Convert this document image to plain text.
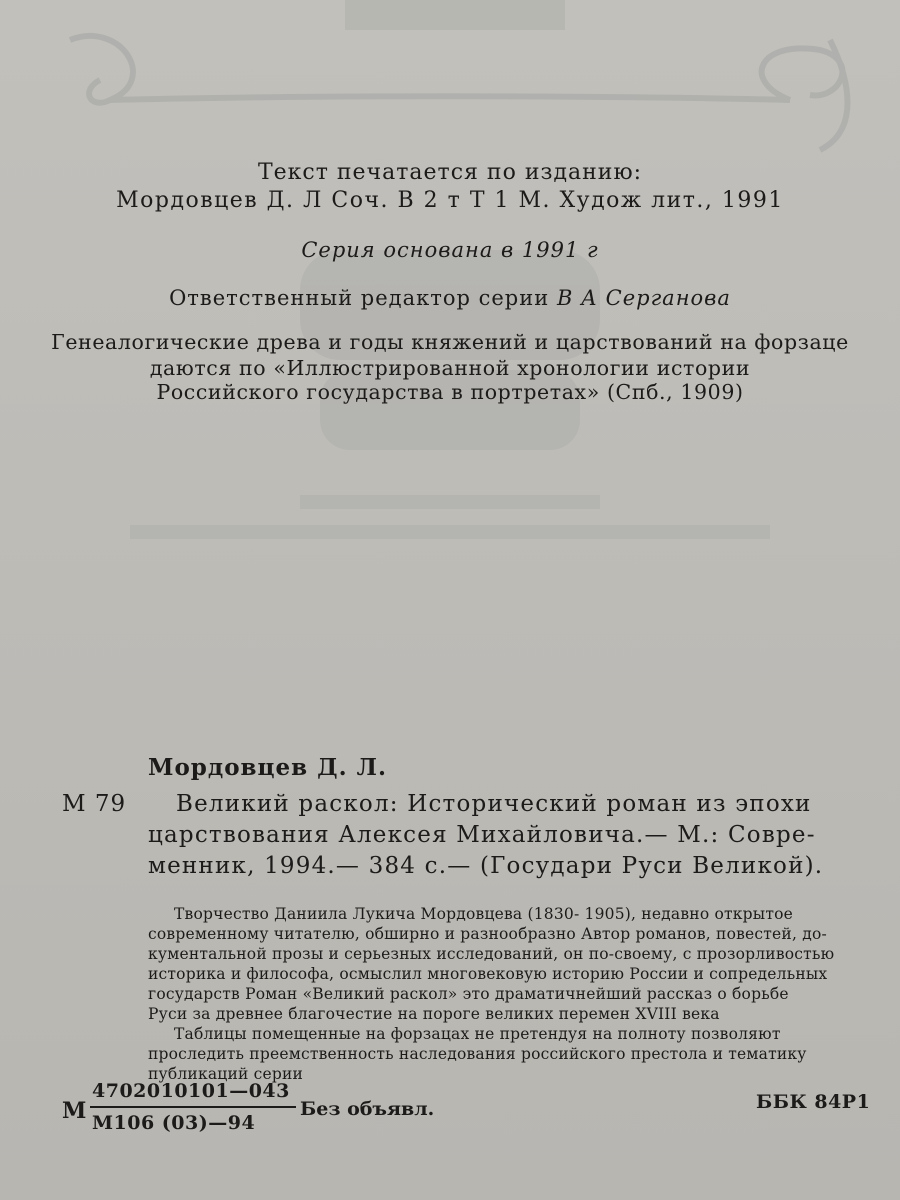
Текст печатается по изданию:
Мордовцев Д. Л Соч. В 2 т Т 1 М. Худож лит., 1991
Серия основана в 1991 г
Ответственный редактор серии В А Серганова
Генеалогические древа и годы княжений и царствований на форзаце
даются по «Иллюстрированной хронологии истории
Российского государства в портретах» (Спб., 1909)
Мордовцев Д. Л.
М 79 Великий раскол: Исторический роман из эпохи
царствования Алексея Михайловича.— М.: Совре-
менник, 1994.— 384 с.— (Государи Руси Великой).
Творчество Даниила Лукича Мордовцева (1830- 1905), недавно открытое
современному читателю, обширно и разнообразно Автор романов, повестей, до-
кументальной прозы и серьезных исследований, он по-своему, с прозорливостью
историка и философа, осмыслил многовековую историю России и сопредельных
государств Роман «Великий раскол» это драматичнейший рассказ о борьбе
Руси за древнее благочестие на пороге великих перемен XVIII века
Таблицы помещенные на форзацах не претендуя на полноту позволяют
проследить преемственность наследования российского престола и тематику
публикаций серии
М
4702010101—043
М106 (03)—94
Без объявл.	ББК 84Р1
